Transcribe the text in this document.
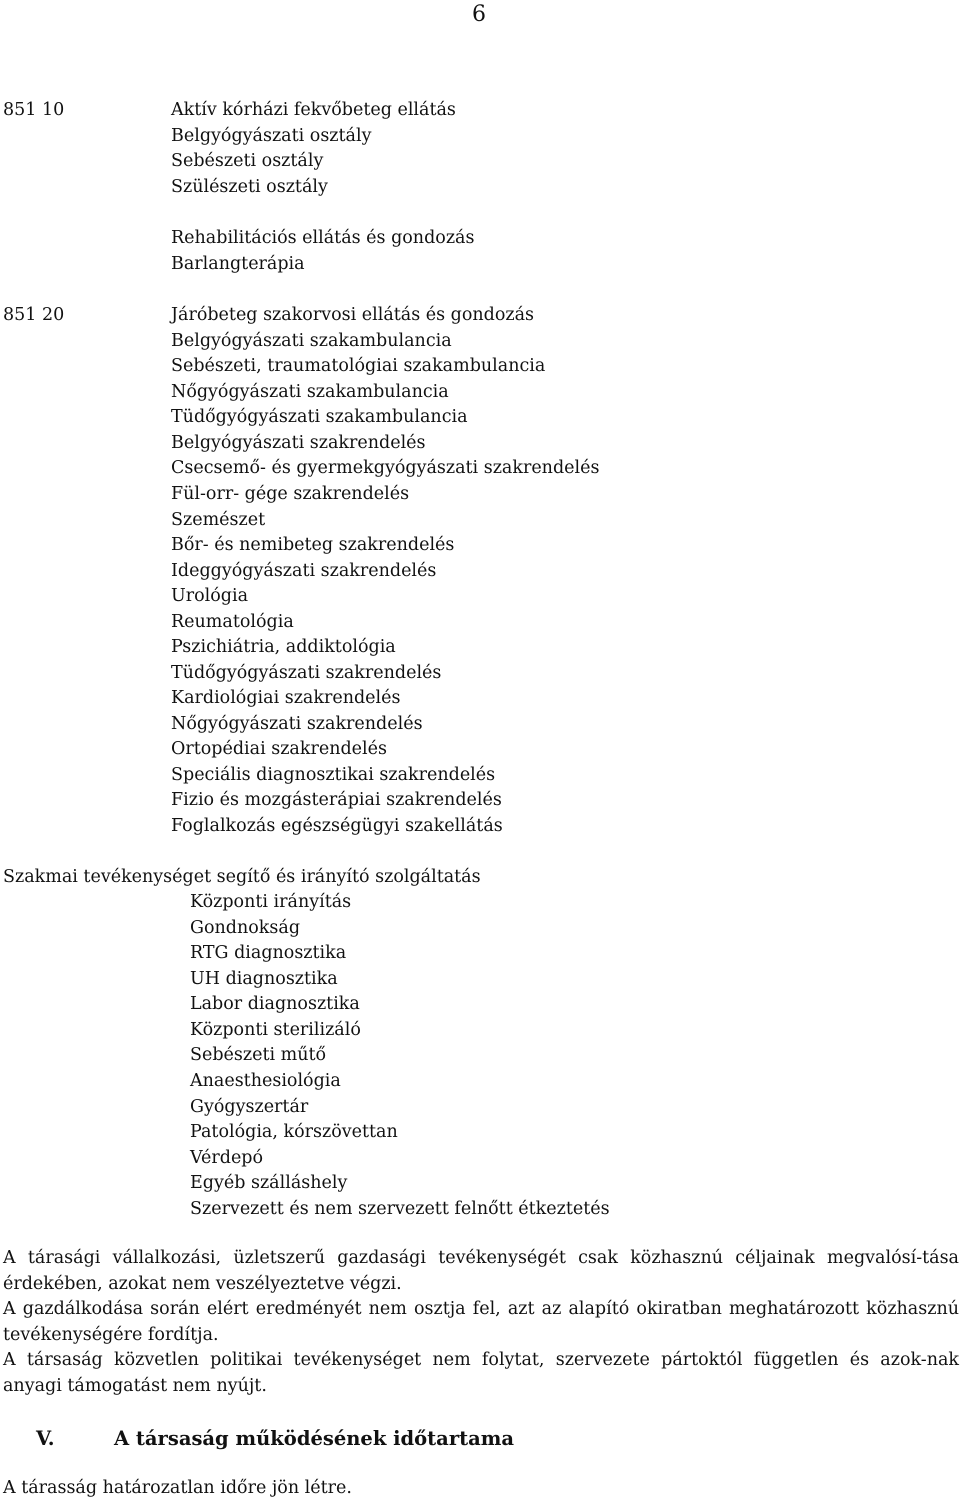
6
851 10	Aktív kórházi fekvőbeteg ellátás
Belgyógyászati osztály
Sebészeti osztály
Szülészeti osztály
Rehabilitációs ellátás és gondozás
Barlangterápia
851 20	Járóbeteg szakorvosi ellátás és gondozás
Belgyógyászati szakambulancia
Sebészeti, traumatológiai szakambulancia
Nőgyógyászati szakambulancia
Tüdőgyógyászati szakambulancia
Belgyógyászati szakrendelés
Csecsemő- és gyermekgyógyászati szakrendelés
Fül-orr- gége szakrendelés
Szemészet
Bőr- és nemibeteg szakrendelés
Ideggyógyászati szakrendelés
Urológia
Reumatológia
Pszichiátria, addiktológia
Tüdőgyógyászati szakrendelés
Kardiológiai szakrendelés
Nőgyógyászati szakrendelés
Ortopédiai szakrendelés
Speciális diagnosztikai szakrendelés
Fizio és mozgásterápiai szakrendelés
Foglalkozás egészségügyi szakellátás
Szakmai tevékenységet segítő és irányító szolgáltatás
Központi irányítás
Gondnokság
RTG diagnosztika
UH diagnosztika
Labor diagnosztika
Központi sterilizáló
Sebészeti műtő
Anaesthesiológia
Gyógyszertár
Patológia, kórszövettan
Vérdepó
Egyéb szálláshely
Szervezett és nem szervezett felnőtt étkeztetés

A tárasági vállalkozási, üzletszerű gazdasági tevékenységét csak közhasznú céljainak megvalósí-tása érdekében, azokat nem veszélyeztetve végzi.

A gazdálkodása során elért eredményét nem osztja fel, azt az alapító okiratban meghatározott közhasznú tevékenységére fordítja.

A társaság közvetlen politikai tevékenységet nem folytat, szervezete pártoktól független és azok-nak anyagi támogatást nem nyújt.

V.	A társaság működésének időtartama
A tárasság határozatlan időre jön létre.
